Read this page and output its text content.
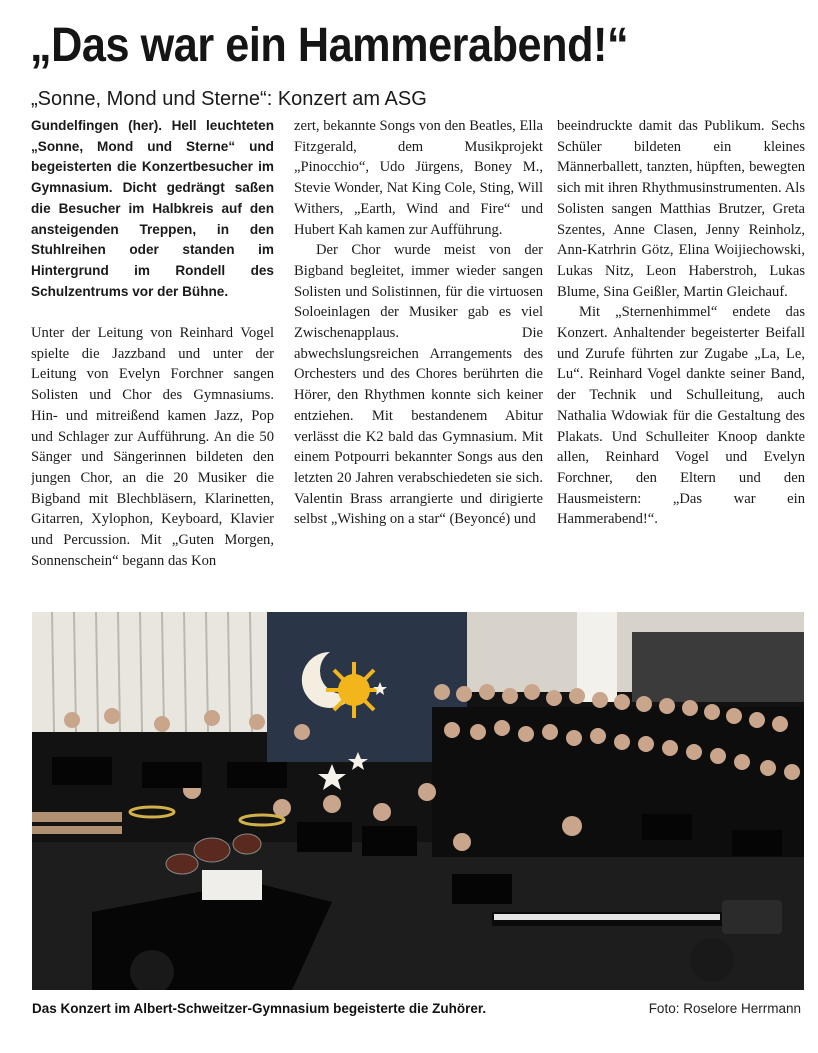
„Das war ein Hammerabend!“
„Sonne, Mond und Sterne“: Konzert am ASG

Gundelfingen (her). Hell leuchteten „Sonne, Mond und Sterne“ und begeisterten die Konzertbesucher im Gymnasium. Dicht gedrängt saßen die Besucher im Halbkreis auf den ansteigenden Treppen, in den Stuhlreihen oder standen im Hintergrund im Rondell des Schulzentrums vor der Bühne.

Unter der Leitung von Reinhard Vogel spielte die Jazzband und unter der Leitung von Evelyn Forchner sangen Solisten und Chor des Gymnasiums. Hin- und mitreißend kamen Jazz, Pop und Schlager zur Aufführung. An die 50 Sänger und Sängerinnen bildeten den jungen Chor, an die 20 Musiker die Bigband mit Blechbläsern, Klarinetten, Gitarren, Xylophon, Keyboard, Klavier und Percussion. Mit „Guten Morgen, Sonnenschein“ begann das Kon

zert, bekannte Songs von den Beatles, Ella Fitzgerald, dem Musikprojekt „Pinocchio“, Udo Jürgens, Boney M., Stevie Wonder, Nat King Cole, Sting, Will Withers, „Earth, Wind and Fire“ und Hubert Kah kamen zur Aufführung.

Der Chor wurde meist von der Bigband begleitet, immer wieder sangen Solisten und Solistinnen, für die virtuosen Soloeinlagen der Musiker gab es viel Zwischenapplaus. Die abwechslungsreichen Arrangements des Orchesters und des Chores berührten die Hörer, den Rhythmen konnte sich keiner entziehen. Mit bestandenem Abitur verlässt die K2 bald das Gymnasium. Mit einem Potpourri bekannter Songs aus den letzten 20 Jahren verabschiedeten sie sich. Valentin Brass arrangierte und dirigierte selbst „Wishing on a star“ (Beyoncé) und

beeindruckte damit das Publikum. Sechs Schüler bildeten ein kleines Männerballett, tanzten, hüpften, bewegten sich mit ihren Rhythmusinstrumenten. Als Solisten sangen Matthias Brutzer, Greta Szentes, Anne Clasen, Jenny Reinholz, Ann-Katrhrin Götz, Elina Woijiechowski, Lukas Nitz, Leon Haberstroh, Lukas Blume, Sina Geißler, Martin Gleichauf.

Mit „Sternenhimmel“ endete das Konzert. Anhaltender begeisterter Beifall und Zurufe führten zur Zugabe „La, Le, Lu“. Reinhard Vogel dankte seiner Band, der Technik und Schulleitung, auch Nathalia Wdowiak für die Gestaltung des Plakats. Und Schulleiter Knoop dankte allen, Reinhard Vogel und Evelyn Forchner, den Eltern und den Hausmeistern: „Das war ein Hammerabend!“.

Das Konzert im Albert-Schweitzer-Gymnasium begeisterte die Zuhörer.	Foto: Roselore Herrmann
